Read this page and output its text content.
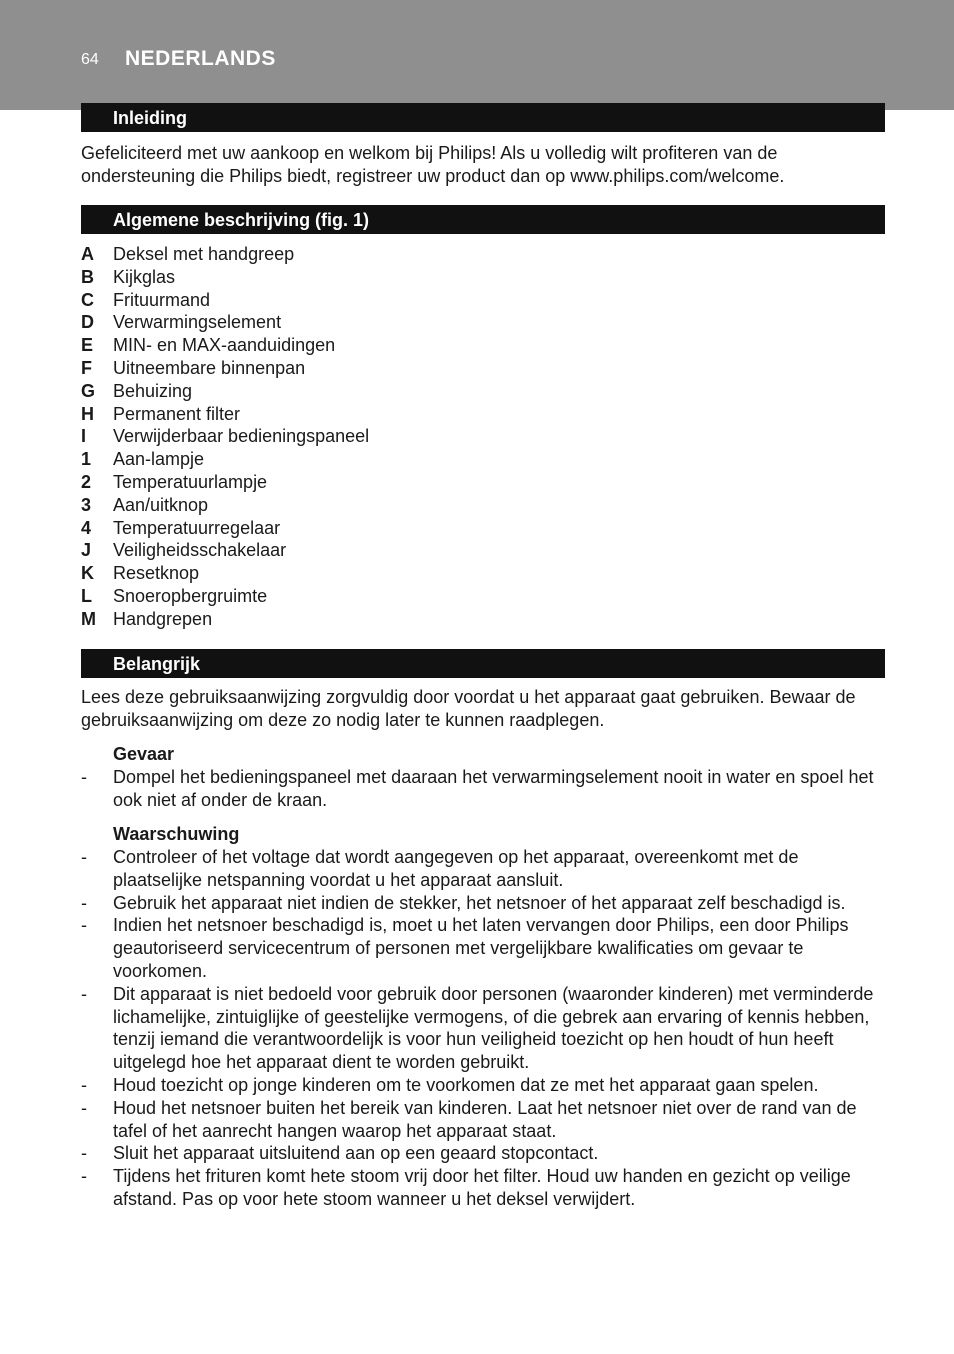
64 NEDERLANDS
Inleiding

Gefeliciteerd met uw aankoop en welkom bij Philips! Als u volledig wilt profiteren van de ondersteuning die Philips biedt, registreer uw product dan op www.philips.com/welcome.

Algemene beschrijving (fig. 1)
A Deksel met handgreep
B Kijkglas
C Frituurmand
D Verwarmingselement
E MIN- en MAX-aanduidingen
F Uitneembare binnenpan
G Behuizing
H Permanent filter
I Verwijderbaar bedieningspaneel
1 Aan-lampje
2 Temperatuurlampje
3 Aan/uitknop
4 Temperatuurregelaar
J Veiligheidsschakelaar
K Resetknop
L Snoeropbergruimte
M Handgrepen
Belangrijk

Lees deze gebruiksaanwijzing zorgvuldig door voordat u het apparaat gaat gebruiken. Bewaar de gebruiksaanwijzing om deze zo nodig later te kunnen raadplegen.

Gevaar
- Dompel het bedieningspaneel met daaraan het verwarmingselement nooit in water en spoel het ook niet af onder de kraan.
Waarschuwing
- Controleer of het voltage dat wordt aangegeven op het apparaat, overeenkomt met de plaatselijke netspanning voordat u het apparaat aansluit.
- Gebruik het apparaat niet indien de stekker, het netsnoer of het apparaat zelf beschadigd is.
- Indien het netsnoer beschadigd is, moet u het laten vervangen door Philips, een door Philips geautoriseerd servicecentrum of personen met vergelijkbare kwalificaties om gevaar te voorkomen.
- Dit apparaat is niet bedoeld voor gebruik door personen (waaronder kinderen) met verminderde lichamelijke, zintuiglijke of geestelijke vermogens, of die gebrek aan ervaring of kennis hebben, tenzij iemand die verantwoordelijk is voor hun veiligheid toezicht op hen houdt of hun heeft uitgelegd hoe het apparaat dient te worden gebruikt.
- Houd toezicht op jonge kinderen om te voorkomen dat ze met het apparaat gaan spelen.
- Houd het netsnoer buiten het bereik van kinderen. Laat het netsnoer niet over de rand van de tafel of het aanrecht hangen waarop het apparaat staat.
- Sluit het apparaat uitsluitend aan op een geaard stopcontact.
- Tijdens het frituren komt hete stoom vrij door het filter. Houd uw handen en gezicht op veilige afstand. Pas op voor hete stoom wanneer u het deksel verwijdert.
